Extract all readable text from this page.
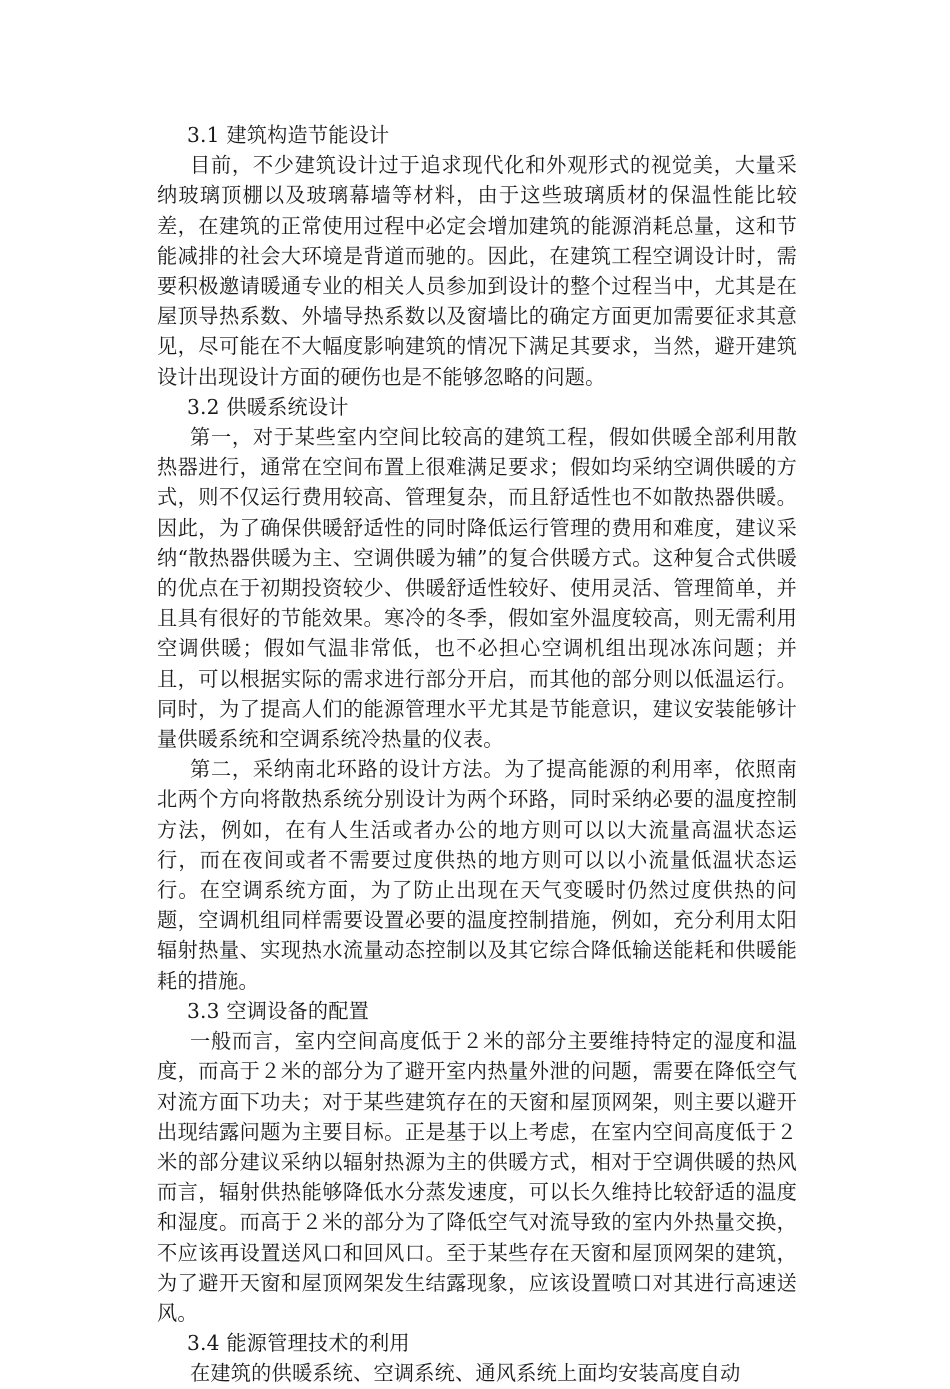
3.1 建筑构造节能设计

目前，不少建筑设计过于追求现代化和外观形式的视觉美，大量采纳玻璃顶棚以及玻璃幕墙等材料，由于这些玻璃质材的保温性能比较差，在建筑的正常使用过程中必定会增加建筑的能源消耗总量，这和节能减排的社会大环境是背道而驰的。因此，在建筑工程空调设计时，需要积极邀请暖通专业的相关人员参加到设计的整个过程当中，尤其是在屋顶导热系数、外墙导热系数以及窗墙比的确定方面更加需要征求其意见，尽可能在不大幅度影响建筑的情况下满足其要求，当然，避开建筑设计出现设计方面的硬伤也是不能够忽略的问题。

3.2 供暖系统设计

第一，对于某些室内空间比较高的建筑工程，假如供暖全部利用散热器进行，通常在空间布置上很难满足要求；假如均采纳空调供暖的方式，则不仅运行费用较高、管理复杂，而且舒适性也不如散热器供暖。因此，为了确保供暖舒适性的同时降低运行管理的费用和难度，建议采纳“散热器供暖为主、空调供暖为辅”的复合供暖方式。这种复合式供暖的优点在于初期投资较少、供暖舒适性较好、使用灵活、管理简单，并且具有很好的节能效果。寒冷的冬季，假如室外温度较高，则无需利用空调供暖；假如气温非常低，也不必担心空调机组出现冰冻问题；并且，可以根据实际的需求进行部分开启，而其他的部分则以低温运行。同时，为了提高人们的能源管理水平尤其是节能意识，建议安装能够计量供暖系统和空调系统冷热量的仪表。

第二，采纳南北环路的设计方法。为了提高能源的利用率，依照南北两个方向将散热系统分别设计为两个环路，同时采纳必要的温度控制方法，例如，在有人生活或者办公的地方则可以以大流量高温状态运行，而在夜间或者不需要过度供热的地方则可以以小流量低温状态运行。在空调系统方面，为了防止出现在天气变暖时仍然过度供热的问题，空调机组同样需要设置必要的温度控制措施，例如，充分利用太阳辐射热量、实现热水流量动态控制以及其它综合降低输送能耗和供暖能耗的措施。

3.3 空调设备的配置

一般而言，室内空间高度低于２米的部分主要维持特定的湿度和温度，而高于２米的部分为了避开室内热量外泄的问题，需要在降低空气对流方面下功夫；对于某些建筑存在的天窗和屋顶网架，则主要以避开出现结露问题为主要目标。正是基于以上考虑，在室内空间高度低于２米的部分建议采纳以辐射热源为主的供暖方式，相对于空调供暖的热风而言，辐射供热能够降低水分蒸发速度，可以长久维持比较舒适的温度和湿度。而高于２米的部分为了降低空气对流导致的室内外热量交换，不应该再设置送风口和回风口。至于某些存在天窗和屋顶网架的建筑，为了避开天窗和屋顶网架发生结露现象，应该设置喷口对其进行高速送风。

3.4 能源管理技术的利用

在建筑的供暖系统、空调系统、通风系统上面均安装高度自动
